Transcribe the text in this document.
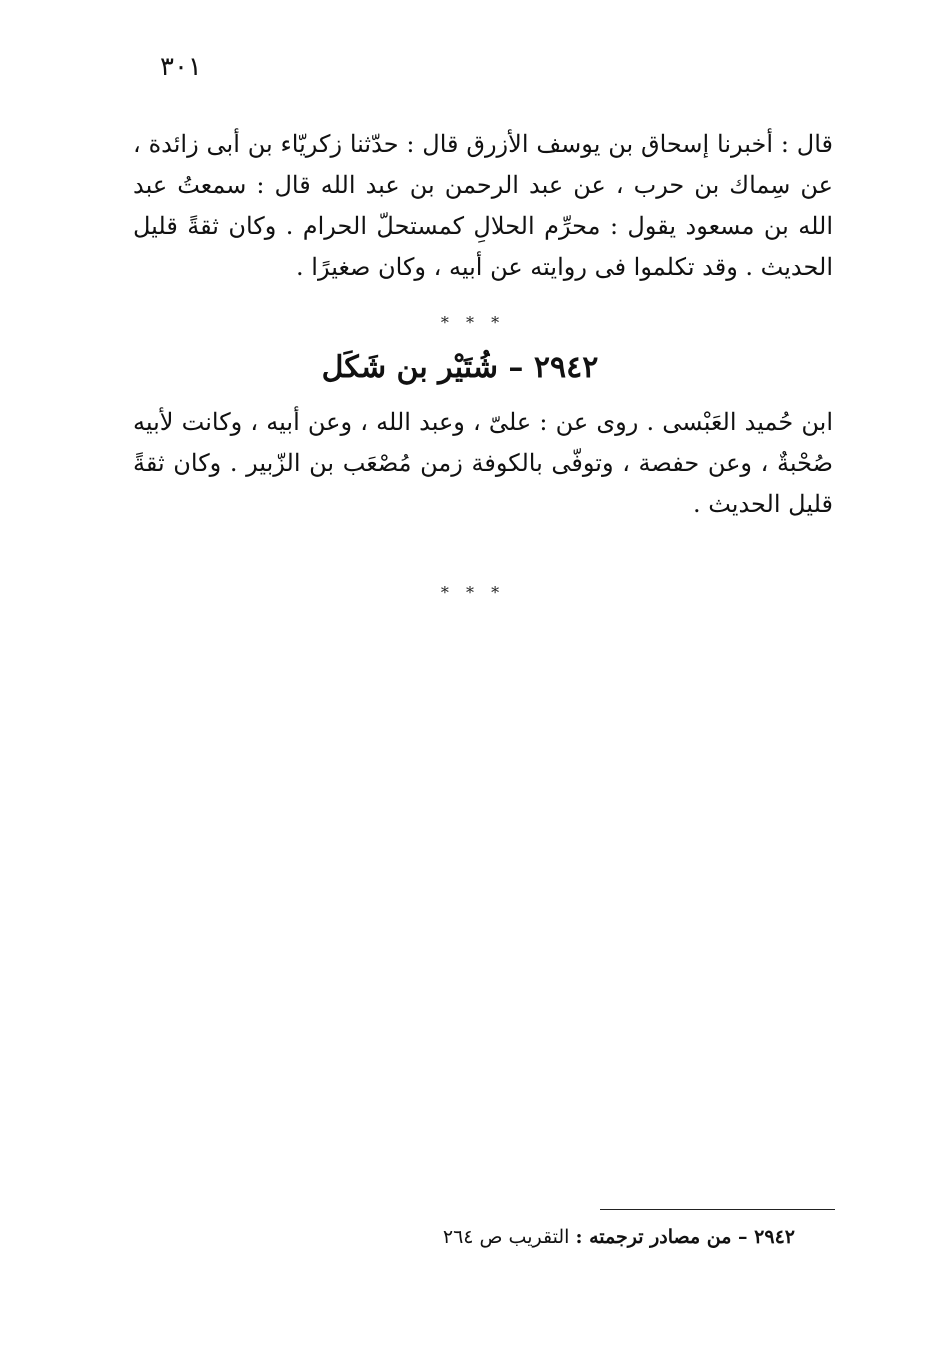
٣٠١

قال : أخبرنا إسحاق بن يوسف الأزرق قال : حدّثنا زكريّاء بن أبى زائدة ، عن سِماك بن حرب ، عن عبد الرحمن بن عبد الله قال : سمعتُ عبد الله بن مسعود يقول : محرِّم الحلالِ كمستحلّ الحرام . وكان ثقةً قليل الحديث . وقد تكلموا فى روايته عن أبيه ، وكان صغيرًا .

* * *
٢٩٤٢ – شُتَيْر بن شَكَل

ابن حُميد العَبْسى . روى عن : علىّ ، وعبد الله ، وعن أبيه ، وكانت لأبيه صُحْبةٌ ، وعن حفصة ، وتوفّى بالكوفة زمن مُصْعَب بن الزّبير . وكان ثقةً قليل الحديث .

* * *
٢٩٤٢ – من مصادر ترجمته : التقريب ص ٢٦٤
